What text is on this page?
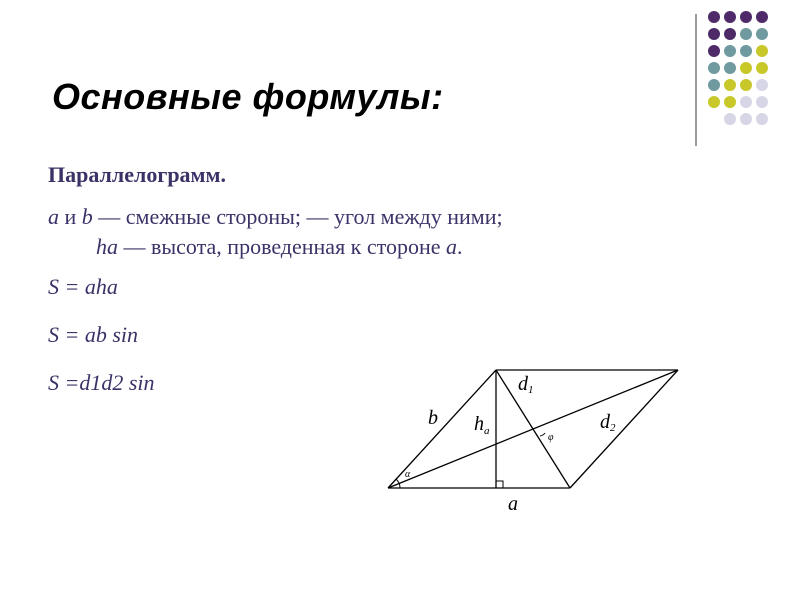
Основные формулы:
Параллелограмм.
a и b — смежные стороны; — угол между ними;
ha — высота, проведенная к стороне a.
S = aha
S = ab sin
S =d1d2 sin
b
d1
$h_a$	d2
a
φ
α
